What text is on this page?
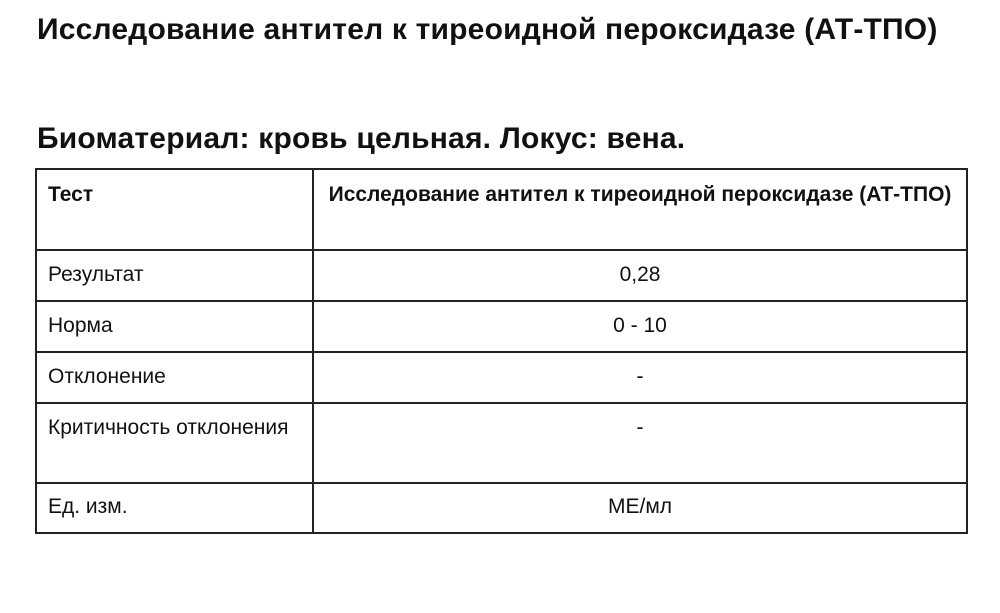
Исследование антител к тиреоидной пероксидазе (АТ-ТПО)
Биоматериал: кровь цельная. Локус: вена.
Тест	Исследование антител к тиреоидной пероксидазе (АТ-ТПО)
Результат	0,28
Норма	0 - 10
Отклонение	-
Критичность отклонения	-
Ед. изм.	МЕ/мл
